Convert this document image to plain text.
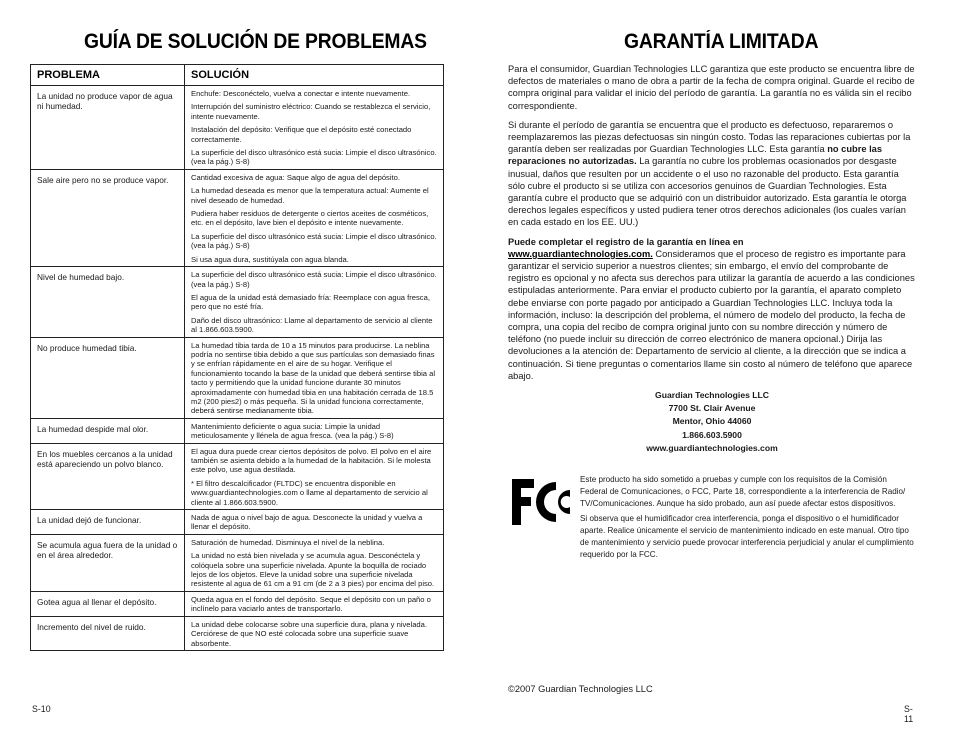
GUÍA DE SOLUCIÓN DE PROBLEMAS
PROBLEMA	SOLUCIÓN
La unidad no produce vapor de agua ni humedad.	Enchufe: Desconéctelo, vuelva a conectar e intente nuevamente.
Interrupción del suministro eléctrico: Cuando se restablezca el servicio, intente nuevamente.
Instalación del depósito: Verifique que el depósito esté conectado correctamente.
La superficie del disco ultrasónico está sucia: Limpie el disco ultrasónico. (vea la pág.) S-8)

Sale aire pero no se produce vapor.	Cantidad excesiva de agua: Saque algo de agua del depósito.
La humedad deseada es menor que la temperatura actual: Aumente el nivel deseado de humedad.
Pudiera haber residuos de detergente o ciertos aceites de cosméticos, etc. en el depósito, lave bien el depósito e intente nuevamente.
La superficie del disco ultrasónico está sucia: Limpie el disco ultrasónico. (vea la pág.) S-8)
Si usa agua dura, sustitúyala con agua blanda.

Nivel de humedad bajo.	La superficie del disco ultrasónico está sucia: Limpie el disco ultrasónico. (vea la pág.) S-8)
El agua de la unidad está demasiado fría: Reemplace con agua fresca, pero que no esté fría.
Daño del disco ultrasónico: Llame al departamento de servicio al cliente al 1.866.603.5900.

No produce humedad tibia.	La humedad tibia tarda de 10 a 15 minutos para producirse. La neblina podría no sentirse tibia debido a que sus partículas son demasiado finas y se enfrían rápidamente en el aire de su hogar. Verifique el funcionamiento tocando la base de la unidad que deberá sentirse tibia al tacto y permitiendo que la unidad funcione durante 30 minutos aproximadamente con humedad tibia en una habitación cerrada de 18.5 m2 (200 pies2) o más pequeña. Si la unidad funciona correctamente, deberá sentirse medianamente tibia.

La humedad despide mal olor.	Mantenimiento deficiente o agua sucia: Limpie la unidad meticulosamente y llénela de agua fresca. (vea la pág.) S-8)

En los muebles cercanos a la unidad está apareciendo un polvo blanco.	El agua dura puede crear ciertos depósitos de polvo. El polvo en el aire también se asienta debido a la humedad de la habitación. Si le molesta este polvo, use agua destilada.
* El filtro descalcificador (FLTDC) se encuentra disponible en www.guardiantechnologies.com o llame al departamento de servicio al cliente al 1.866.603.5900.

La unidad dejó de funcionar.	Nada de agua o nivel bajo de agua. Desconecte la unidad y vuelva a llenar el depósito.

Se acumula agua fuera de la unidad o en el área alrededor.	Saturación de humedad. Disminuya el nivel de la neblina.
La unidad no está bien nivelada y se acumula agua. Desconéctela y colóquela sobre una superficie nivelada. Apunte la boquilla de rociado lejos de los objetos. Eleve la unidad sobre una superficie nivelada resistente al agua de 61 cm a 91 cm (de 2 a 3 pies) por encima del piso.

Gotea agua al llenar el depósito.	Queda agua en el fondo del depósito. Seque el depósito con un paño o inclínelo para vaciarlo antes de transportarlo.

Incremento del nivel de ruido.	La unidad debe colocarse sobre una superficie dura, plana y nivelada. Cerciórese de que NO esté colocada sobre una superficie suave absorbente.
S-10
GARANTÍA LIMITADA

Para el consumidor, Guardian Technologies LLC garantiza que este producto se encuentra libre de defectos de materiales o mano de obra a partir de la fecha de compra original. Guarde el recibo de compra original para validar el inicio del período de garantía. La garantía no es válida sin el recibo correspondiente.

Si durante el período de garantía se encuentra que el producto es defectuoso, repararemos o reemplazaremos las piezas defectuosas sin ningún costo. Todas las reparaciones cubiertas por la garantía deben ser realizadas por Guardian Technologies LLC. Esta garantía no cubre las reparaciones no autorizadas. La garantía no cubre los problemas ocasionados por desgaste inusual, daños que resulten por un accidente o el uso no razonable del producto. Esta garantía sólo cubre el producto si se utiliza con accesorios genuinos de Guardian Technologies. Esta garantía cubre el producto que se adquirió con un distribuidor autorizado. Esta garantía le otorga derechos legales específicos y usted pudiera tener otros derechos adicionales (los cuales varían en cada estado en los EE. UU.)

Puede completar el registro de la garantía en línea en
www.guardiantechnologies.com. Consideramos que el proceso de registro es importante para garantizar el servicio superior a nuestros clientes; sin embargo, el envío del comprobante de registro es opcional y no afecta sus derechos para utilizar la garantía de acuerdo a las condiciones estipuladas anteriormente. Para enviar el producto cubierto por la garantía, el aparato completo debe enviarse con porte pagado por anticipado a Guardian Technologies LLC. Incluya toda la información, incluso: la descripción del problema, el número de modelo del producto, la fecha de compra, una copia del recibo de compra original junto con su nombre dirección y número de teléfono (no puede incluir su dirección de correo electrónico de manera opcional.) Dirija las devoluciones a la atención de: Departamento de servicio al cliente, a la dirección que se indica a continuación. Si tiene preguntas o comentarios llame sin costo al número de teléfono que aparece abajo.

Guardian Technologies LLC
7700 St. Clair Avenue
Mentor, Ohio 44060
1.866.603.5900
www.guardiantechnologies.com

Este producto ha sido sometido a pruebas y cumple con los requisitos de la Comisión Federal de Comunicaciones, o FCC, Parte 18, correspondiente a la interferencia de Radio/ TV/Comunicaciones. Aunque ha sido probado, aun así puede afectar estos dispositivos.

Si observa que el humidificador crea interferencia, ponga el dispositivo o el humidificador aparte. Realice únicamente el servicio de mantenimiento indicado en este manual. Otro tipo de mantenimiento y servicio puede provocar interferencia perjudicial y anular el cumplimiento requerido por la FCC.

©2007 Guardian Technologies LLC
S-11
